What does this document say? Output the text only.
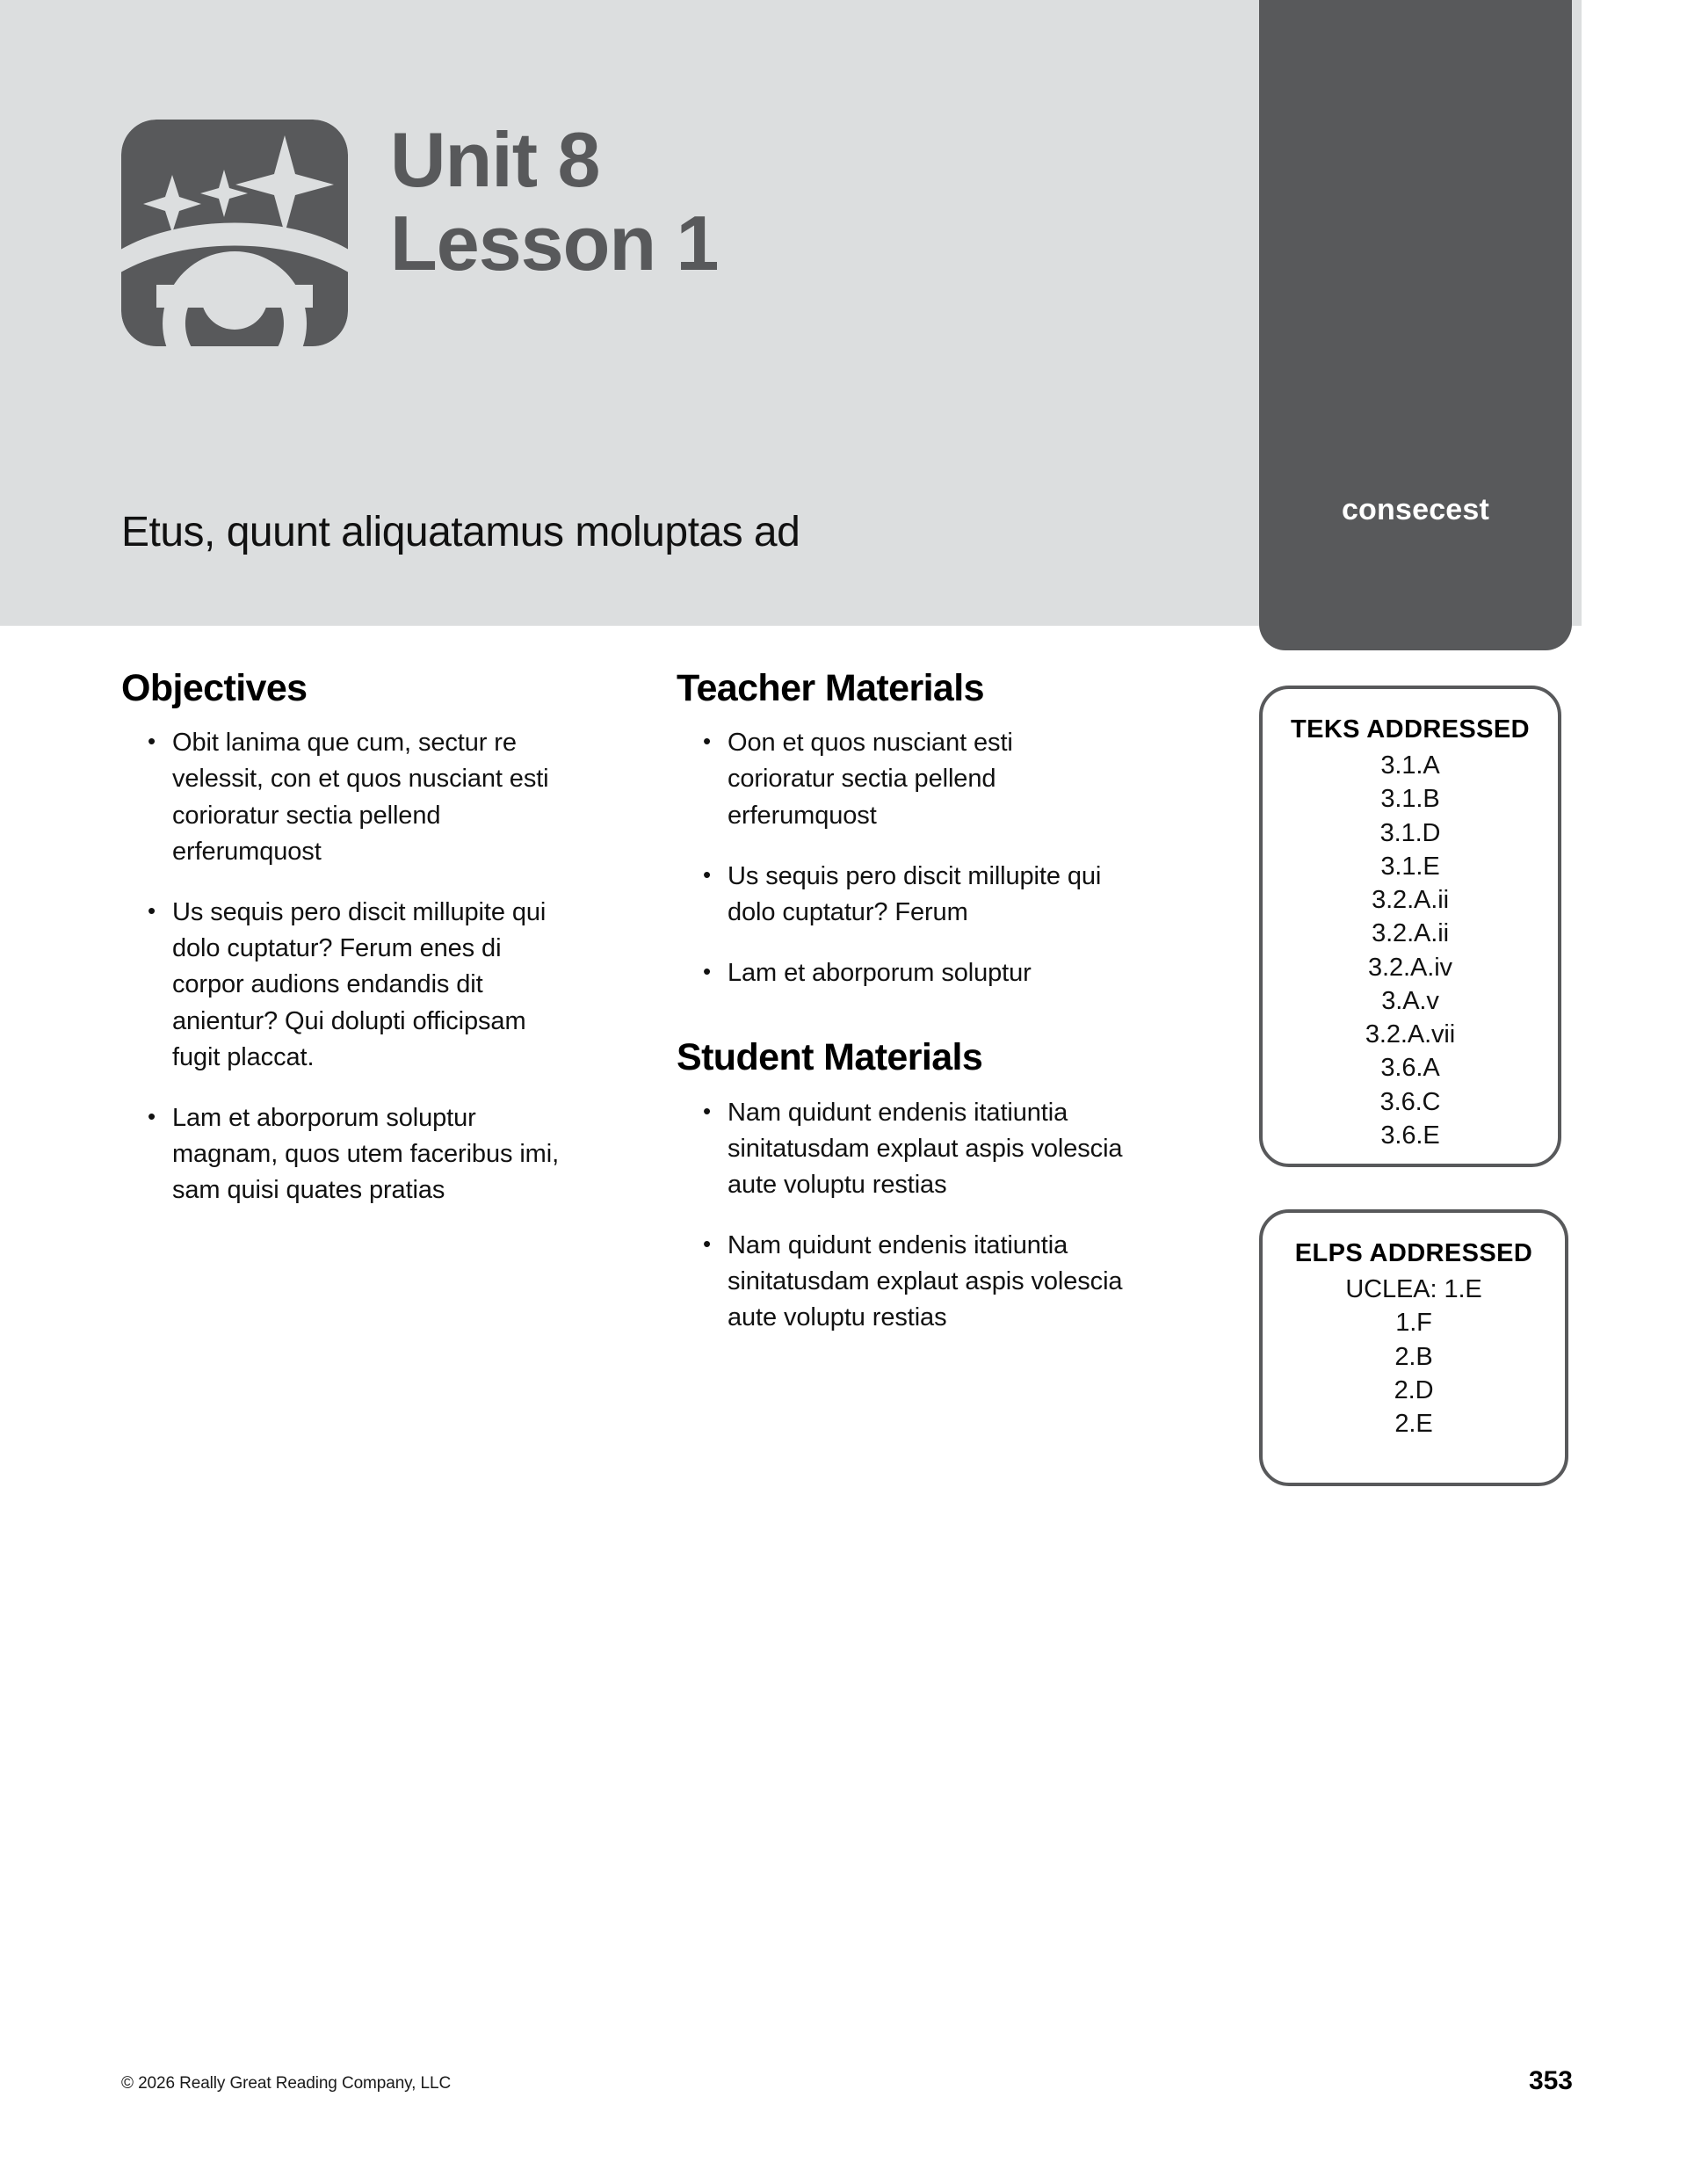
consecest
Unit 8
Lesson 1
Etus, quunt aliquatamus moluptas ad
Objectives
• Obit lanima que cum, sectur re velessit, con et quos nusciant esti corioratur sectia pellend erferumquost
• Us sequis pero discit millupite qui dolo cuptatur? Ferum enes di corpor audions endandis dit anientur? Qui dolupti officipsam fugit placcat.
• Lam et aborporum soluptur magnam, quos utem faceribus imi, sam quisi quates pratias
Teacher Materials
• Oon et quos nusciant esti corioratur sectia pellend erferumquost
• Us sequis pero discit millupite qui dolo cuptatur? Ferum
• Lam et aborporum soluptur
Student Materials
• Nam quidunt endenis itatiuntia sinitatusdam explaut aspis volescia aute voluptu restias
• Nam quidunt endenis itatiuntia sinitatusdam explaut aspis volescia aute voluptu restias
TEKS ADDRESSED
3.1.A
3.1.B
3.1.D
3.1.E
3.2.A.ii
3.2.A.ii
3.2.A.iv
3.A.v
3.2.A.vii
3.6.A
3.6.C
3.6.E
ELPS ADDRESSED
UCLEA: 1.E
1.F
2.B
2.D
2.E
© 2026 Really Great Reading Company, LLC	353
